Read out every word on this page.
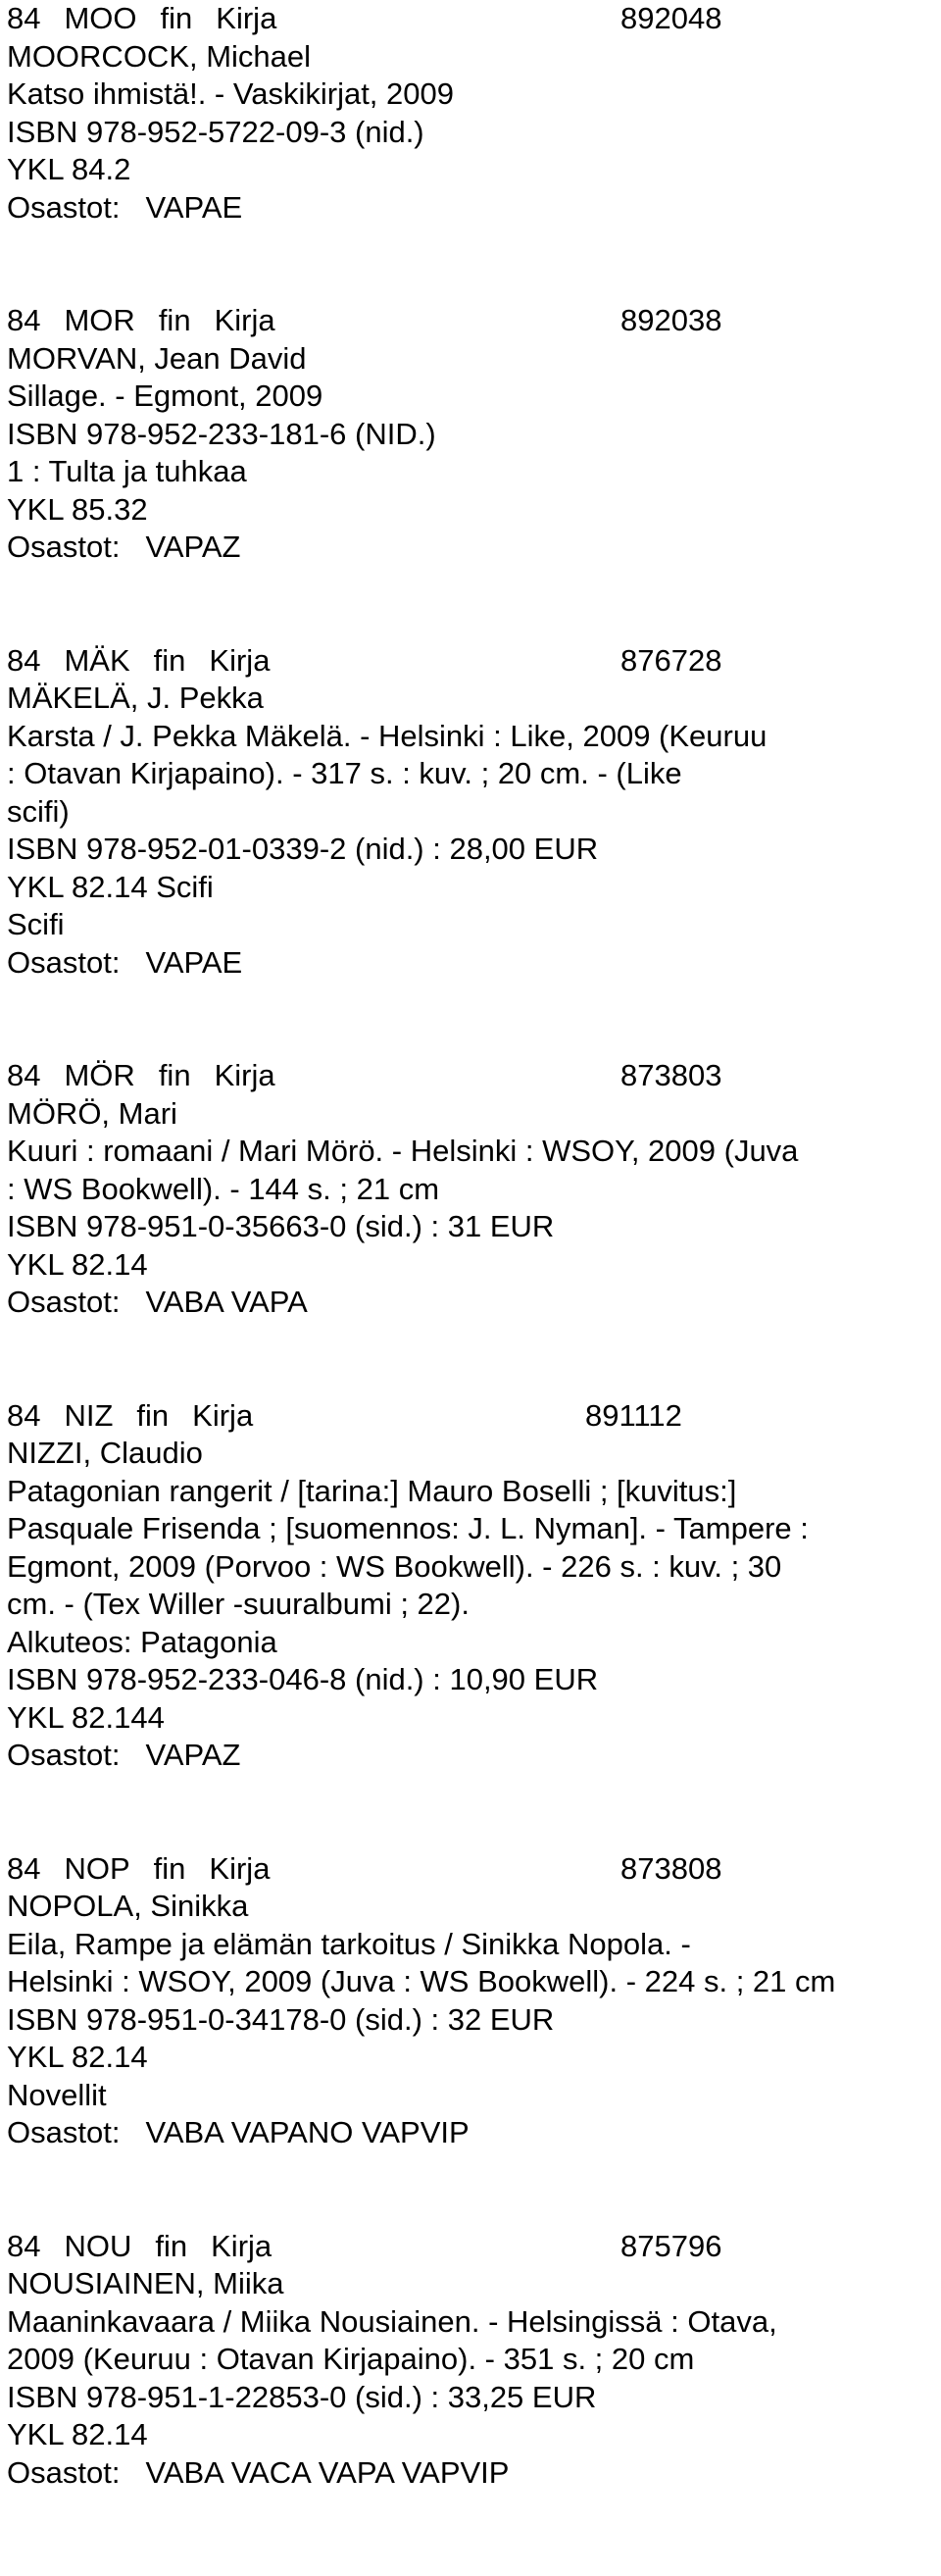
84 MOO fin Kirja	892048
MOORCOCK, Michael
Katso ihmistä!. - Vaskikirjat, 2009
ISBN 978-952-5722-09-3 (nid.)
YKL 84.2
Osastot: VAPAE
84 MOR fin Kirja	892038
MORVAN, Jean David
Sillage. - Egmont, 2009
ISBN 978-952-233-181-6 (NID.)
1 : Tulta ja tuhkaa
YKL 85.32
Osastot: VAPAZ
84 MÄK fin Kirja	876728
MÄKELÄ, J. Pekka
Karsta / J. Pekka Mäkelä. - Helsinki : Like, 2009 (Keuruu
: Otavan Kirjapaino). - 317 s. : kuv. ; 20 cm. - (Like
scifi)
ISBN 978-952-01-0339-2 (nid.) : 28,00 EUR
YKL 82.14 Scifi
Scifi
Osastot: VAPAE
84 MÖR fin Kirja	873803
MÖRÖ, Mari
Kuuri : romaani / Mari Mörö. - Helsinki : WSOY, 2009 (Juva
: WS Bookwell). - 144 s. ; 21 cm
ISBN 978-951-0-35663-0 (sid.) : 31 EUR
YKL 82.14
Osastot: VABA VAPA
84 NIZ fin Kirja	891112
NIZZI, Claudio
Patagonian rangerit / [tarina:] Mauro Boselli ; [kuvitus:]
Pasquale Frisenda ; [suomennos: J. L. Nyman]. - Tampere :
Egmont, 2009 (Porvoo : WS Bookwell). - 226 s. : kuv. ; 30
cm. - (Tex Willer -suuralbumi ; 22).
Alkuteos: Patagonia
ISBN 978-952-233-046-8 (nid.) : 10,90 EUR
YKL 82.144
Osastot: VAPAZ
84 NOP fin Kirja	873808
NOPOLA, Sinikka
Eila, Rampe ja elämän tarkoitus / Sinikka Nopola. -
Helsinki : WSOY, 2009 (Juva : WS Bookwell). - 224 s. ; 21 cm
ISBN 978-951-0-34178-0 (sid.) : 32 EUR
YKL 82.14
Novellit
Osastot: VABA VAPANO VAPVIP
84 NOU fin Kirja	875796
NOUSIAINEN, Miika
Maaninkavaara / Miika Nousiainen. - Helsingissä : Otava,
2009 (Keuruu : Otavan Kirjapaino). - 351 s. ; 20 cm
ISBN 978-951-1-22853-0 (sid.) : 33,25 EUR
YKL 82.14
Osastot: VABA VACA VAPA VAPVIP
